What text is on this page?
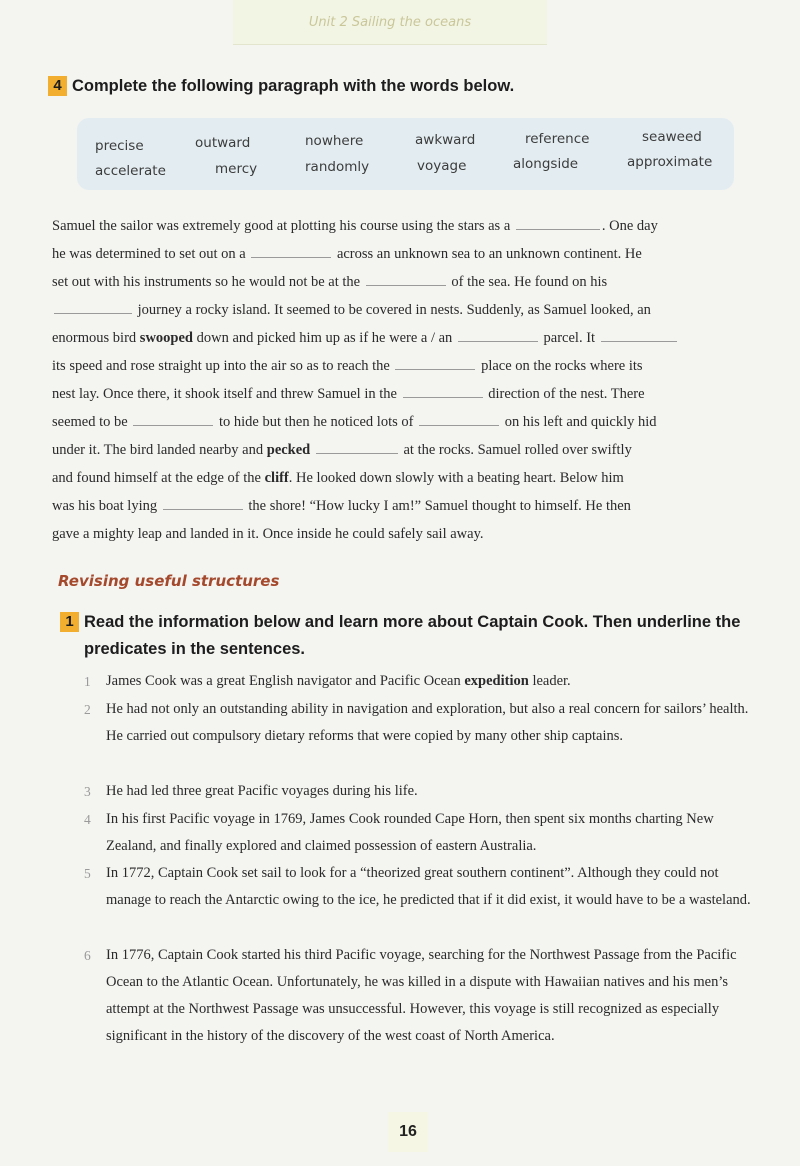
Unit 2 Sailing the oceans
4 Complete the following paragraph with the words below.
precise	outward	nowhere	awkward	reference	seaweed
accelerate	mercy	randomly	voyage	alongside	approximate
Samuel the sailor was extremely good at plotting his course using the stars as a	. One day
he was determined to set out on a	across an unknown sea to an unknown continent. He
set out with his instruments so he would not be at the	of the sea. He found on his
journey a rocky island. It seemed to be covered in nests. Suddenly, as Samuel looked, an
enormous bird swooped down and picked him up as if he were a / an	parcel. It
its speed and rose straight up into the air so as to reach the	place on the rocks where its
nest lay. Once there, it shook itself and threw Samuel in the	direction of the nest. There
seemed to be	to hide but then he noticed lots of	on his left and quickly hid
under it. The bird landed nearby and pecked	at the rocks. Samuel rolled over swiftly
and found himself at the edge of the cliff. He looked down slowly with a beating heart. Below him
was his boat lying	the shore! “How lucky I am!” Samuel thought to himself. He then
gave a mighty leap and landed in it. Once inside he could safely sail away.
Revising useful structures
1 Read the information below and learn more about Captain Cook. Then underline the predicates in the sentences.
1	James Cook was a great English navigator and Pacific Ocean expedition leader.
2	He had not only an outstanding ability in navigation and exploration, but also a real concern for sailors’ health. He carried out compulsory dietary reforms that were copied by many other ship captains.
3	He had led three great Pacific voyages during his life.
4	In his first Pacific voyage in 1769, James Cook rounded Cape Horn, then spent six months charting New Zealand, and finally explored and claimed possession of eastern Australia.
5	In 1772, Captain Cook set sail to look for a “theorized great southern continent”. Although they could not manage to reach the Antarctic owing to the ice, he predicted that if it did exist, it would have to be a wasteland.
6	In 1776, Captain Cook started his third Pacific voyage, searching for the Northwest Passage from the Pacific Ocean to the Atlantic Ocean. Unfortunately, he was killed in a dispute with Hawaiian natives and his men’s attempt at the Northwest Passage was unsuccessful. However, this voyage is still recognized as especially significant in the history of the discovery of the west coast of North America.
16
